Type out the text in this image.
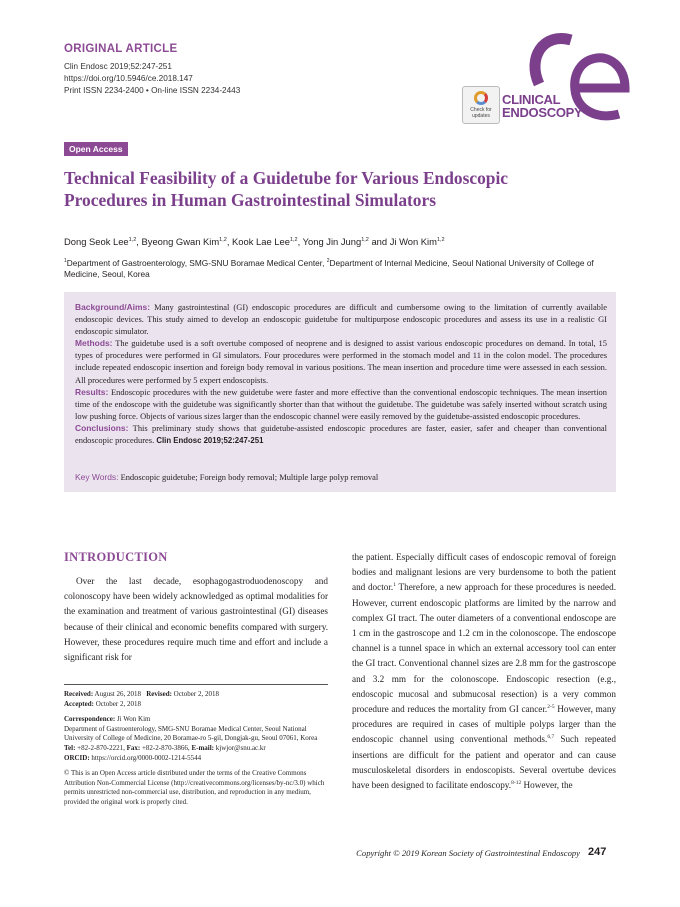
ORIGINAL ARTICLE
Clin Endosc 2019;52:247-251
https://doi.org/10.5946/ce.2018.147
Print ISSN 2234-2400 • On-line ISSN 2234-2443
Check for
updates
Ce
CLINICAL
ENDOSCOPY
Open Access
Technical Feasibility of a Guidetube for Various Endoscopic
Procedures in Human Gastrointestinal Simulators
Dong Seok Lee$^{1,2}$, Byeong Gwan Kim$^{1,2}$, Kook Lae Lee$^{1,2}$, Yong Jin Jung$^{1,2}$ and Ji Won Kim$^{1,2}$
$^1$Department of Gastroenterology, SMG-SNU Boramae Medical Center, $^2$Department of Internal Medicine, Seoul National University of College of Medicine, Seoul, Korea
Background/Aims: Many gastrointestinal (GI) endoscopic procedures are difficult and cumbersome owing to the limitation of currently available endoscopic devices. This study aimed to develop an endoscopic guidetube for multipurpose endoscopic procedures and assess its use in a realistic GI endoscopic simulator.
Methods: The guidetube used is a soft overtube composed of neoprene and is designed to assist various endoscopic procedures on demand. In total, 15 types of procedures were performed in GI simulators. Four procedures were performed in the stomach model and 11 in the colon model. The procedures include repeated endoscopic insertion and foreign body removal in various positions. The mean insertion and procedure time were assessed in each session. All procedures were performed by 5 expert endoscopists.
Results: Endoscopic procedures with the new guidetube were faster and more effective than the conventional endoscopic techniques. The mean insertion time of the endoscope with the guidetube was significantly shorter than that without the guidetube. The guidetube was safely inserted without scratch using low pushing force. Objects of various sizes larger than the endoscopic channel were easily removed by the guidetube-assisted endoscopic procedures.
Conclusions: This preliminary study shows that guidetube-assisted endoscopic procedures are faster, easier, safer and cheaper than conventional endoscopic procedures. Clin Endosc 2019;52:247-251
Key Words: Endoscopic guidetube; Foreign body removal; Multiple large polyp removal
INTRODUCTION
Over the last decade, esophagogastroduodenoscopy and colonoscopy have been widely acknowledged as optimal modalities for the examination and treatment of various gastrointestinal (GI) diseases because of their clinical and economic benefits compared with surgery. However, these procedures require much time and effort and include a significant risk for
the patient. Especially difficult cases of endoscopic removal of foreign bodies and malignant lesions are very burdensome to both the patient and doctor.$^1$ Therefore, a new approach for these procedures is needed. However, current endoscopic platforms are limited by the narrow and complex GI tract. The outer diameters of a conventional endoscope are 1 cm in the gastroscope and 1.2 cm in the colonoscope. The endoscope channel is a tunnel space in which an external accessory tool can enter the GI tract. Conventional channel sizes are 2.8 mm for the gastroscope and 3.2 mm for the colonoscope. Endoscopic resection (e.g., endoscopic mucosal and submucosal resection) is a very common procedure and reduces the mortality from GI cancer.$^{2-5}$ However, many procedures are required in cases of multiple polyps larger than the endoscopic channel using conventional methods.$^{6,7}$ Such repeated insertions are difficult for the patient and operator and can cause musculoskeletal disorders in endoscopists. Several overtube devices have been designed to facilitate endoscopy.$^{8-12}$ However, the

Received: August 26, 2018 Revised: October 2, 2018
Accepted: October 2, 2018

Correspondence: Ji Won Kim
Department of Gastroenterology, SMG-SNU Boramae Medical Center, Seoul National University of College of Medicine, 20 Boramae-ro 5-gil, Dongjak-gu, Seoul 07061, Korea
Tel: +82-2-870-2221, Fax: +82-2-870-3866, E-mail: kjwjor@snu.ac.kr
ORCID: https://orcid.org/0000-0002-1214-5544

© This is an Open Access article distributed under the terms of the Creative Commons Attribution Non-Commercial License (http://creativecommons.org/licenses/by-nc/3.0) which permits unrestricted non-commercial use, distribution, and reproduction in any medium, provided the original work is properly cited.

Copyright © 2019 Korean Society of Gastrointestinal Endoscopy 247
